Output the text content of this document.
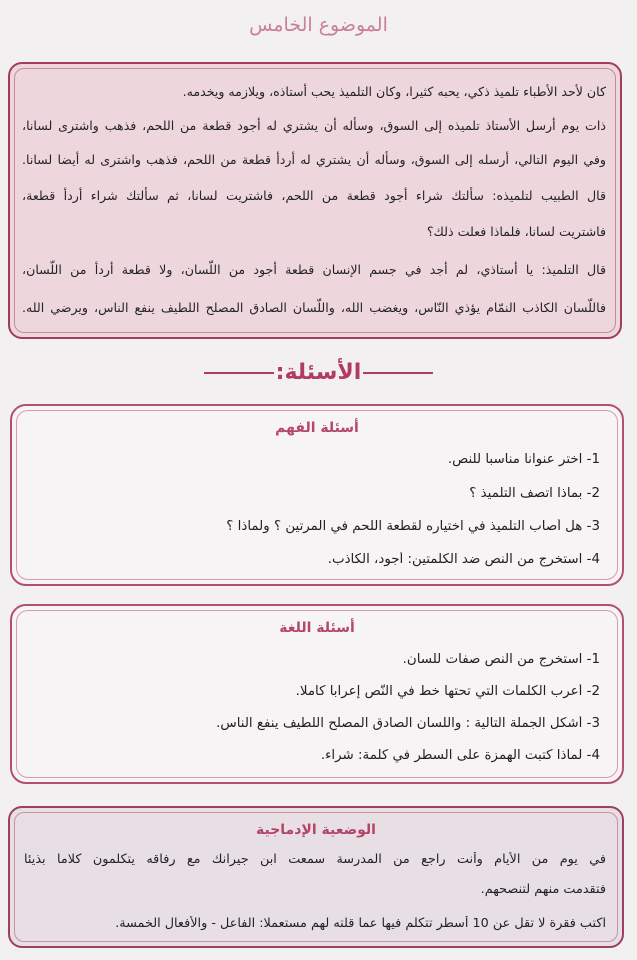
الموضوع الخامس
كان لأحد الأطباء تلميذ ذكي، يحبه كثيرا، وكان التلميذ يحب أستاذه، ويلازمه ويخدمه.
ذات يوم أرسل الأستاذ تلميذه إلى السوق، وسأله أن يشتري له أجود قطعة من اللحم، فذهب واشترى لسانا،
وفي اليوم التالي، أرسله إلى السوق، وسأله أن يشتري له أردأ قطعة من اللحم، فذهب واشترى له أيضا لسانا.
قال الطبيب لتلميذه: سألتك شراء أجود قطعة من اللحم، فاشتريت لسانا، ثم سألتك شراء أردأ قطعة،
فاشتريت لسانا، فلماذا فعلت ذلك؟
قال التلميذ: يا أستاذي، لم أجد في جسم الإنسان قطعة أجود من اللّسان، ولا قطعة أردأ من اللّسان،
فاللّسان الكاذب النمّام يؤذي النّاس، ويغضب الله، واللّسان الصادق المصلح اللطيف ينفع الناس، ويرضي الله.
الأسئلة:
أسئلة الفهم
1- اختر عنوانا مناسبا للنص.
2- بماذا اتصف التلميذ ؟
3- هل أصاب التلميذ في اختياره لقطعة اللحم في المرتين ؟ ولماذا ؟
4- استخرج من النص ضد الكلمتين: أجود، الكاذب.
أسئلة اللغة
1- استخرج من النص صفات للسان.
2- أعرب الكلمات التي تحتها خط في النّص إعرابا كاملا.
3- أشكل الجملة التالية : واللسان الصادق المصلح اللطيف ينفع الناس.
4- لماذا كتبت الهمزة على السطر في كلمة: شراء.
الوضعية الإدماجية
في يوم من الأيام وأنت راجع من المدرسة سمعت ابن جيرانك مع رفاقه يتكلمون كلاما بذيئا
فتقدمت منهم لتنصحهم.
اكتب فقرة لا تقل عن 10 أسطر تتكلم فيها عما قلته لهم مستعملا: الفاعل - والأفعال الخمسة.
